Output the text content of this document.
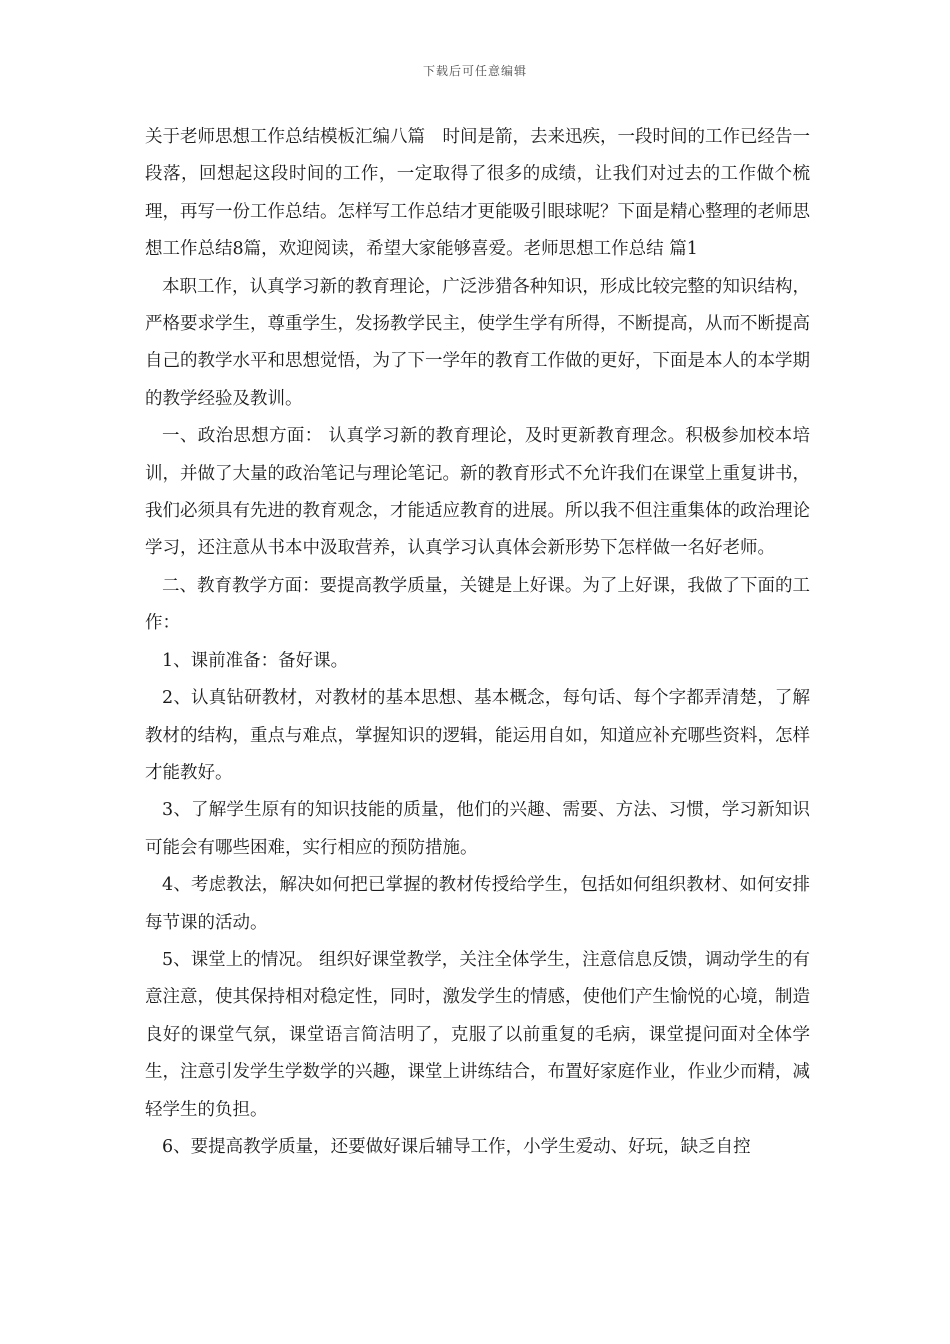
下载后可任意编辑

关于老师思想工作总结模板汇编八篇　时间是箭，去来迅疾，一段时间的工作已经告一段落，回想起这段时间的工作，一定取得了很多的成绩，让我们对过去的工作做个梳理，再写一份工作总结。怎样写工作总结才更能吸引眼球呢？下面是精心整理的老师思想工作总结8篇，欢迎阅读，希望大家能够喜爱。老师思想工作总结 篇1

本职工作，认真学习新的教育理论，广泛涉猎各种知识，形成比较完整的知识结构，严格要求学生，尊重学生，发扬教学民主，使学生学有所得，不断提高，从而不断提高自己的教学水平和思想觉悟，为了下一学年的教育工作做的更好，下面是本人的本学期的教学经验及教训。

一、政治思想方面： 认真学习新的教育理论，及时更新教育理念。积极参加校本培训，并做了大量的政治笔记与理论笔记。新的教育形式不允许我们在课堂上重复讲书，我们必须具有先进的教育观念，才能适应教育的进展。所以我不但注重集体的政治理论学习，还注意从书本中汲取营养，认真学习认真体会新形势下怎样做一名好老师。

二、教育教学方面：要提高教学质量，关键是上好课。为了上好课，我做了下面的工作：

1、课前准备：备好课。

2、认真钻研教材，对教材的基本思想、基本概念，每句话、每个字都弄清楚，了解教材的结构，重点与难点，掌握知识的逻辑，能运用自如，知道应补充哪些资料，怎样才能教好。

3、了解学生原有的知识技能的质量，他们的兴趣、需要、方法、习惯，学习新知识可能会有哪些困难，实行相应的预防措施。

4、考虑教法，解决如何把已掌握的教材传授给学生，包括如何组织教材、如何安排每节课的活动。

5、课堂上的情况。 组织好课堂教学，关注全体学生，注意信息反馈，调动学生的有意注意，使其保持相对稳定性，同时，激发学生的情感，使他们产生愉悦的心境，制造良好的课堂气氛，课堂语言简洁明了，克服了以前重复的毛病，课堂提问面对全体学生，注意引发学生学数学的兴趣，课堂上讲练结合，布置好家庭作业，作业少而精，减轻学生的负担。

6、要提高教学质量，还要做好课后辅导工作，小学生爱动、好玩，缺乏自控
